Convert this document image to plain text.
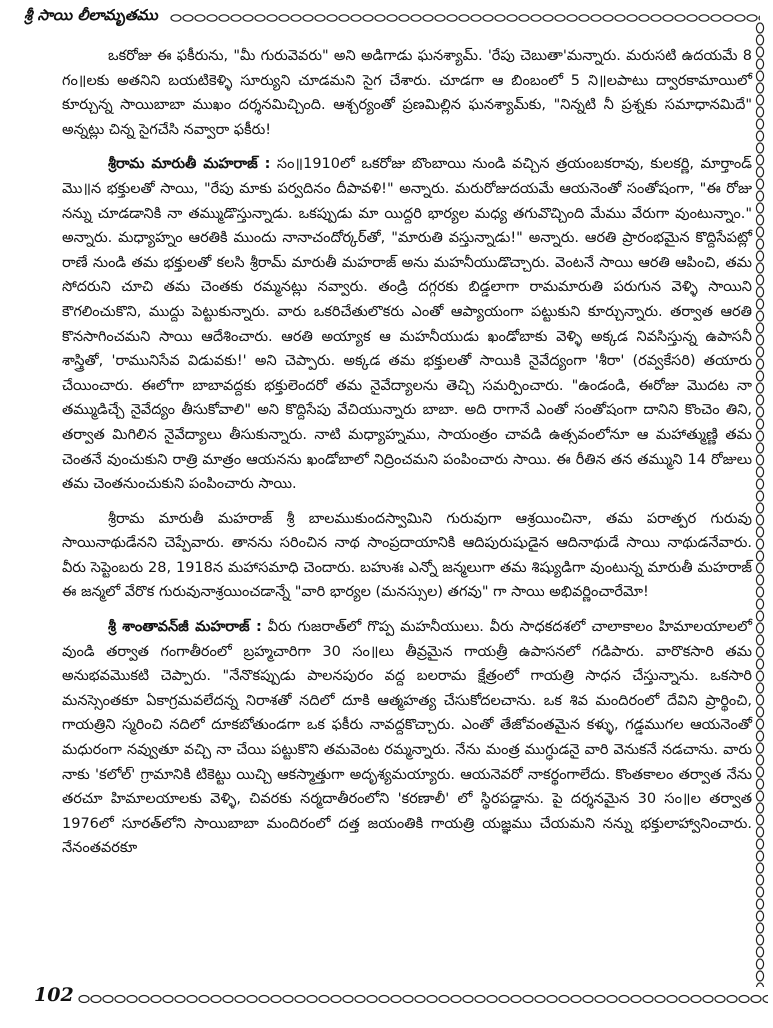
శ్రీ సాయి లీలామృతము

ఒకరోజు ఈ ఫకీరును, "మీ గురువెవరు" అని అడిగాడు ఘనశ్యామ్. 'రేపు చెబుతా'మన్నారు. మరుసటి ఉదయమే 8 గం॥లకు అతనిని బయటికెళ్ళి సూర్యుని చూడమని సైగ చేశారు. చూడగా ఆ బింబంలో 5 ని॥లపాటు ద్వారకామాయిలో కూర్చున్న సాయిబాబా ముఖం దర్శనమిచ్చింది. ఆశ్చర్యంతో ప్రణమిల్లిన ఘనశ్యామ్‌కు, "నిన్నటి నీ ప్రశ్నకు సమాధానమిదే" అన్నట్లు చిన్న సైగచేసి నవ్వారా ఫకీరు!

శ్రీరామ మారుతీ మహరాజ్ : సం॥1910లో ఒకరోజు బొంబాయి నుండి వచ్చిన త్రయంబకరావు, కులకర్ణి, మార్తాండ్ మొ॥న భక్తులతో సాయి, "రేపు మాకు పర్వదినం దీపావళి!" అన్నారు. మరురోజుదయమే ఆయనెంతో సంతోషంగా, "ఈ రోజు నన్ను చూడడానికి నా తమ్ముడొస్తున్నాడు. ఒకప్పుడు మా యిద్దరి భార్యల మధ్య తగువొచ్చింది మేము వేరుగా వుంటున్నాం." అన్నారు. మధ్యాహ్నం ఆరతికి ముందు నానాచందోర్కర్‌తో, "మారుతి వస్తున్నాడు!" అన్నారు. ఆరతి ప్రారంభమైన కొద్దిసేపట్లో రాణే నుండి తమ భక్తులతో కలసి శ్రీరామ్ మారుతీ మహరాజ్ అను మహనీయుడొచ్చారు. వెంటనే సాయి ఆరతి ఆపించి, తమ సోదరుని చూచి తమ చెంతకు రమ్మనట్లు నవ్వారు. తండ్రి దగ్గరకు బిడ్డలాగా రామమారుతి పరుగున వెళ్ళి సాయిని కౌగలించుకొని, ముద్దు పెట్టుకున్నారు. వారు ఒకరిచేతులొకరు ఎంతో ఆప్యాయంగా పట్టుకుని కూర్చున్నారు. తర్వాత ఆరతి కొనసాగించమని సాయి ఆదేశించారు. ఆరతి అయ్యాక ఆ మహనీయుడు ఖండోబాకు వెళ్ళి అక్కడ నివసిస్తున్న ఉపాసనీ శాస్త్రితో, 'రామునిసేవ విడువకు!' అని చెప్పారు. అక్కడ తమ భక్తులతో సాయికి నైవేద్యంగా 'శీరా' (రవ్వకేసరి) తయారు చేయించారు. ఈలోగా బాబావద్దకు భక్తులెందరో తమ నైవేద్యాలను తెచ్చి సమర్పించారు. "ఉండండి, ఈరోజు మొదట నా తమ్ముడిచ్చే నైవేద్యం తీసుకోవాలి" అని కొద్దిసేపు వేచియున్నారు బాబా. అది రాగానే ఎంతో సంతోషంగా దానిని కొంచెం తిని, తర్వాత మిగిలిన నైవేద్యాలు తీసుకున్నారు. నాటి మధ్యాహ్నము, సాయంత్రం చావడి ఉత్సవంలోనూ ఆ మహాత్ముణ్ణి తమ చెంతనే వుంచుకుని రాత్రి మాత్రం ఆయనను ఖండోబాలో నిద్రించమని పంపించారు సాయి. ఈ రీతిన తన తమ్ముని 14 రోజులు తమ చెంతనుంచుకుని పంపించారు సాయి.

శ్రీరామ మారుతీ మహరాజ్ శ్రీ బాలముకుందస్వామిని గురువుగా ఆశ్రయించినా, తమ పరాత్పర గురువు సాయినాథుడేనని చెప్పేవారు. తానను సరించిన నాథ సాంప్రదాయానికి ఆదిపురుషుడైన ఆదినాథుడే సాయి నాథుడనేవారు. వీరు సెప్టెంబరు 28, 1918న మహాసమాధి చెందారు. బహుశః ఎన్నో జన్మలుగా తమ శిష్యుడిగా వుంటున్న మారుతీ మహరాజ్ ఈ జన్మలో వేరొక గురువునాశ్రయించడాన్నే "వారి భార్యల (మనస్సుల) తగవు" గా సాయి అభివర్ణించారేమో!

శ్రీ శాంతావన్‌జీ మహరాజ్ : వీరు గుజరాత్‌లో గొప్ప మహనీయులు. వీరు సాధకదశలో చాలాకాలం హిమాలయాలలో వుండి తర్వాత గంగాతీరంలో బ్రహ్మచారిగా 30 సం॥లు తీవ్రమైన గాయత్రీ ఉపాసనలో గడిపారు. వారొకసారి తమ అనుభవమొకటి చెప్పారు. "నేనొకప్పుడు పాలనపురం వద్ద బలరామ క్షేత్రంలో గాయత్రి సాధన చేస్తున్నాను. ఒకసారి మనస్సెంతకూ ఏకాగ్రమవలేదన్న నిరాశతో నదిలో దూకి ఆత్మహత్య చేసుకోదలచాను. ఒక శివ మందిరంలో దేవిని ప్రార్థించి, గాయత్రిని స్మరించి నదిలో దూకబోతుండగా ఒక ఫకీరు నావద్దకొచ్చారు. ఎంతో తేజోవంతమైన కళ్ళు, గడ్డముగల ఆయనెంతో మధురంగా నవ్వుతూ వచ్చి నా చేయి పట్టుకొని తమవెంట రమ్మన్నారు. నేను మంత్ర ముగ్ధుడనై వారి వెనుకనే నడచాను. వారు నాకు 'కలోల్' గ్రామానికి టికెట్టు యిచ్చి ఆకస్మాత్తుగా అదృశ్యమయ్యారు. ఆయనెవరో నాకర్థంగాలేదు. కొంతకాలం తర్వాత నేను తరచూ హిమాలయాలకు వెళ్ళి, చివరకు నర్మదాతీరంలోని 'కరణాలీ' లో స్థిరపడ్డాను. పై దర్శనమైన 30 సం॥ల తర్వాత 1976లో సూరత్‌లోని సాయిబాబా మందిరంలో దత్త జయంతికి గాయత్రి యజ్ఞము చేయమని నన్ను భక్తులాహ్వానించారు. నేనంతవరకూ

102
